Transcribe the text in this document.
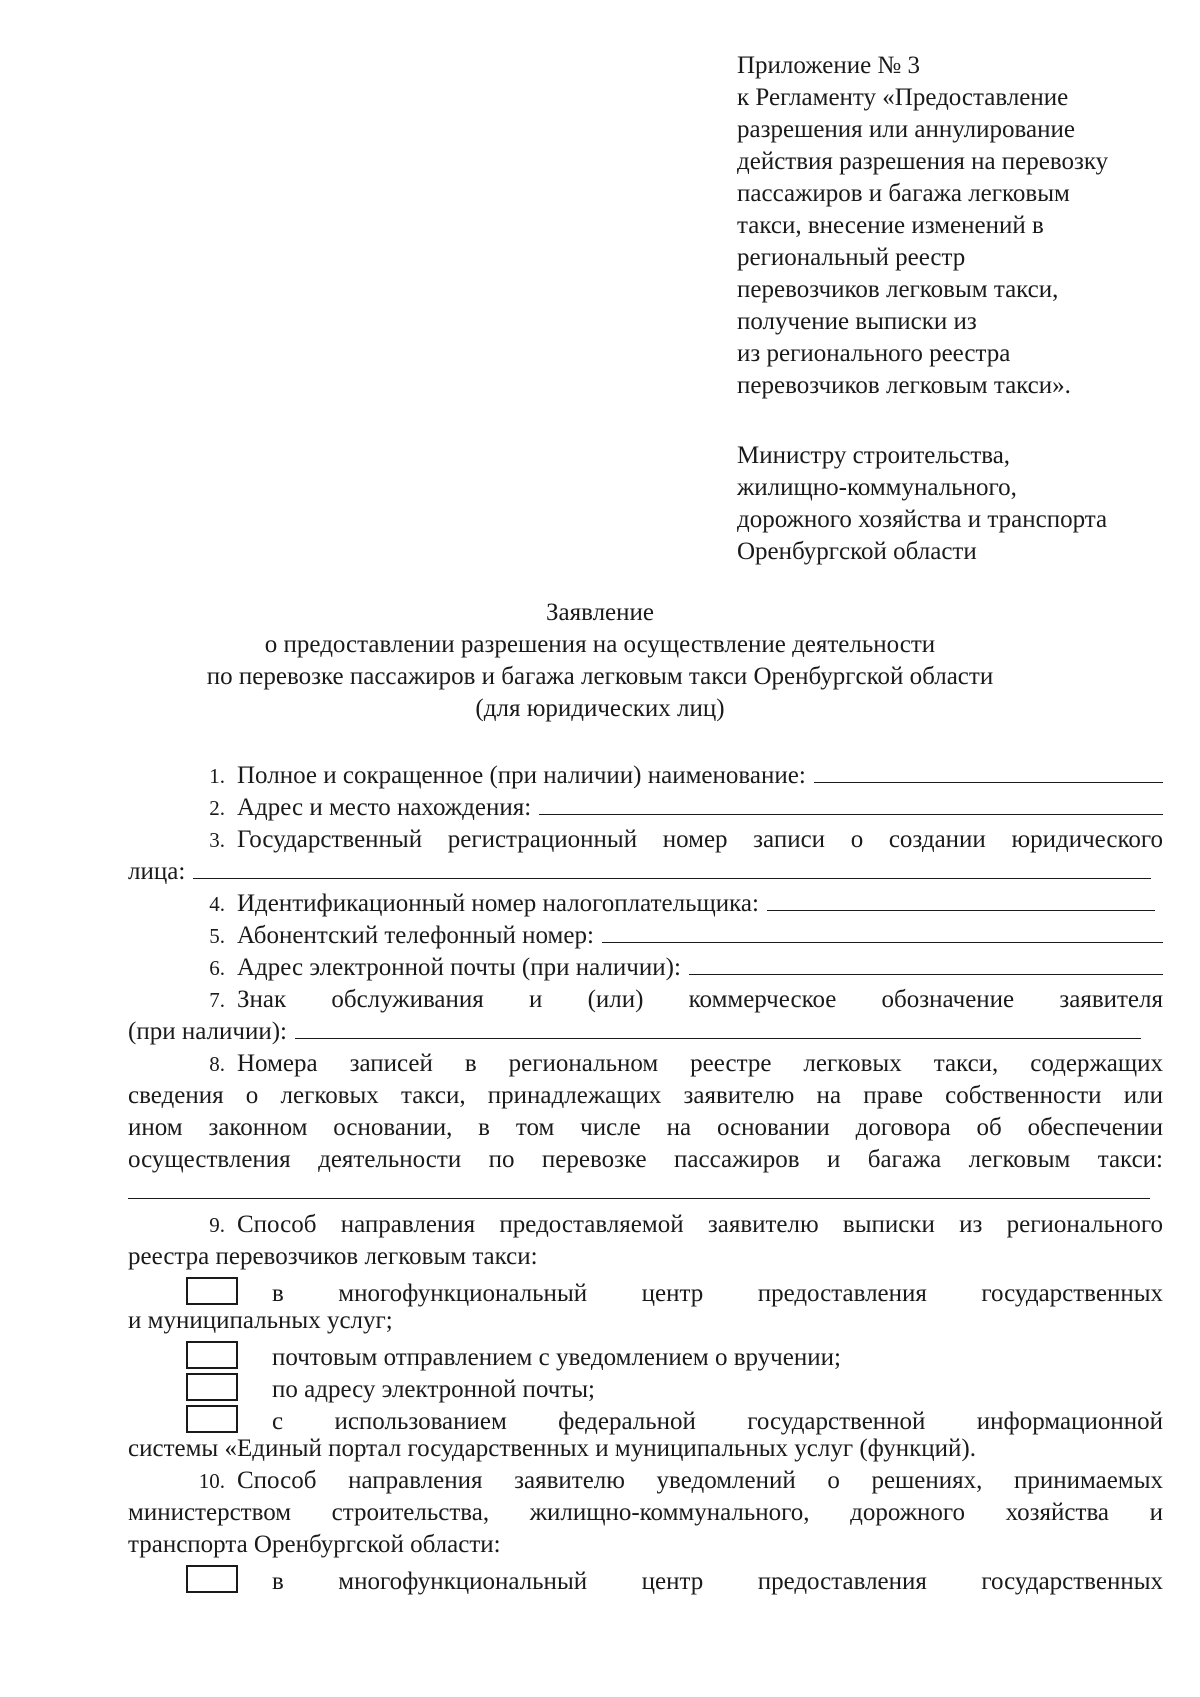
Приложение № 3
к Регламенту «Предоставление
разрешения или аннулирование
действия разрешения на перевозку
пассажиров и багажа легковым
такси, внесение изменений в
региональный реестр
перевозчиков легковым такси,
получение выписки из
из регионального реестра
перевозчиков легковым такси».
Министру строительства,
жилищно-коммунального,
дорожного хозяйства и транспорта
Оренбургской области
Заявление
о предоставлении разрешения на осуществление деятельности
по перевозке пассажиров и багажа легковым такси Оренбургской области
(для юридических лиц)
1. Полное и сокращенное (при наличии) наименование:
2. Адрес и место нахождения:
3. Государственный регистрационный номер записи о создании юридического
лица:
4. Идентификационный номер налогоплательщика:
5. Абонентский телефонный номер:
6. Адрес электронной почты (при наличии):
7. Знак обслуживания и (или) коммерческое обозначение заявителя
(при наличии):
8. Номера записей в региональном реестре легковых такси, содержащих
сведения о легковых такси, принадлежащих заявителю на праве собственности или
ином законном основании, в том числе на основании договора об обеспечении
осуществления деятельности по перевозке пассажиров и багажа легковым такси:
9. Способ направления предоставляемой заявителю выписки из регионального
реестра перевозчиков легковым такси:
в многофункциональный центр предоставления государственных
и муниципальных услуг;
почтовым отправлением с уведомлением о вручении;
по адресу электронной почты;
с использованием федеральной государственной информационной
системы «Единый портал государственных и муниципальных услуг (функций).
10. Способ направления заявителю уведомлений о решениях, принимаемых
министерством строительства, жилищно-коммунального, дорожного хозяйства и
транспорта Оренбургской области:
в многофункциональный центр предоставления государственных
